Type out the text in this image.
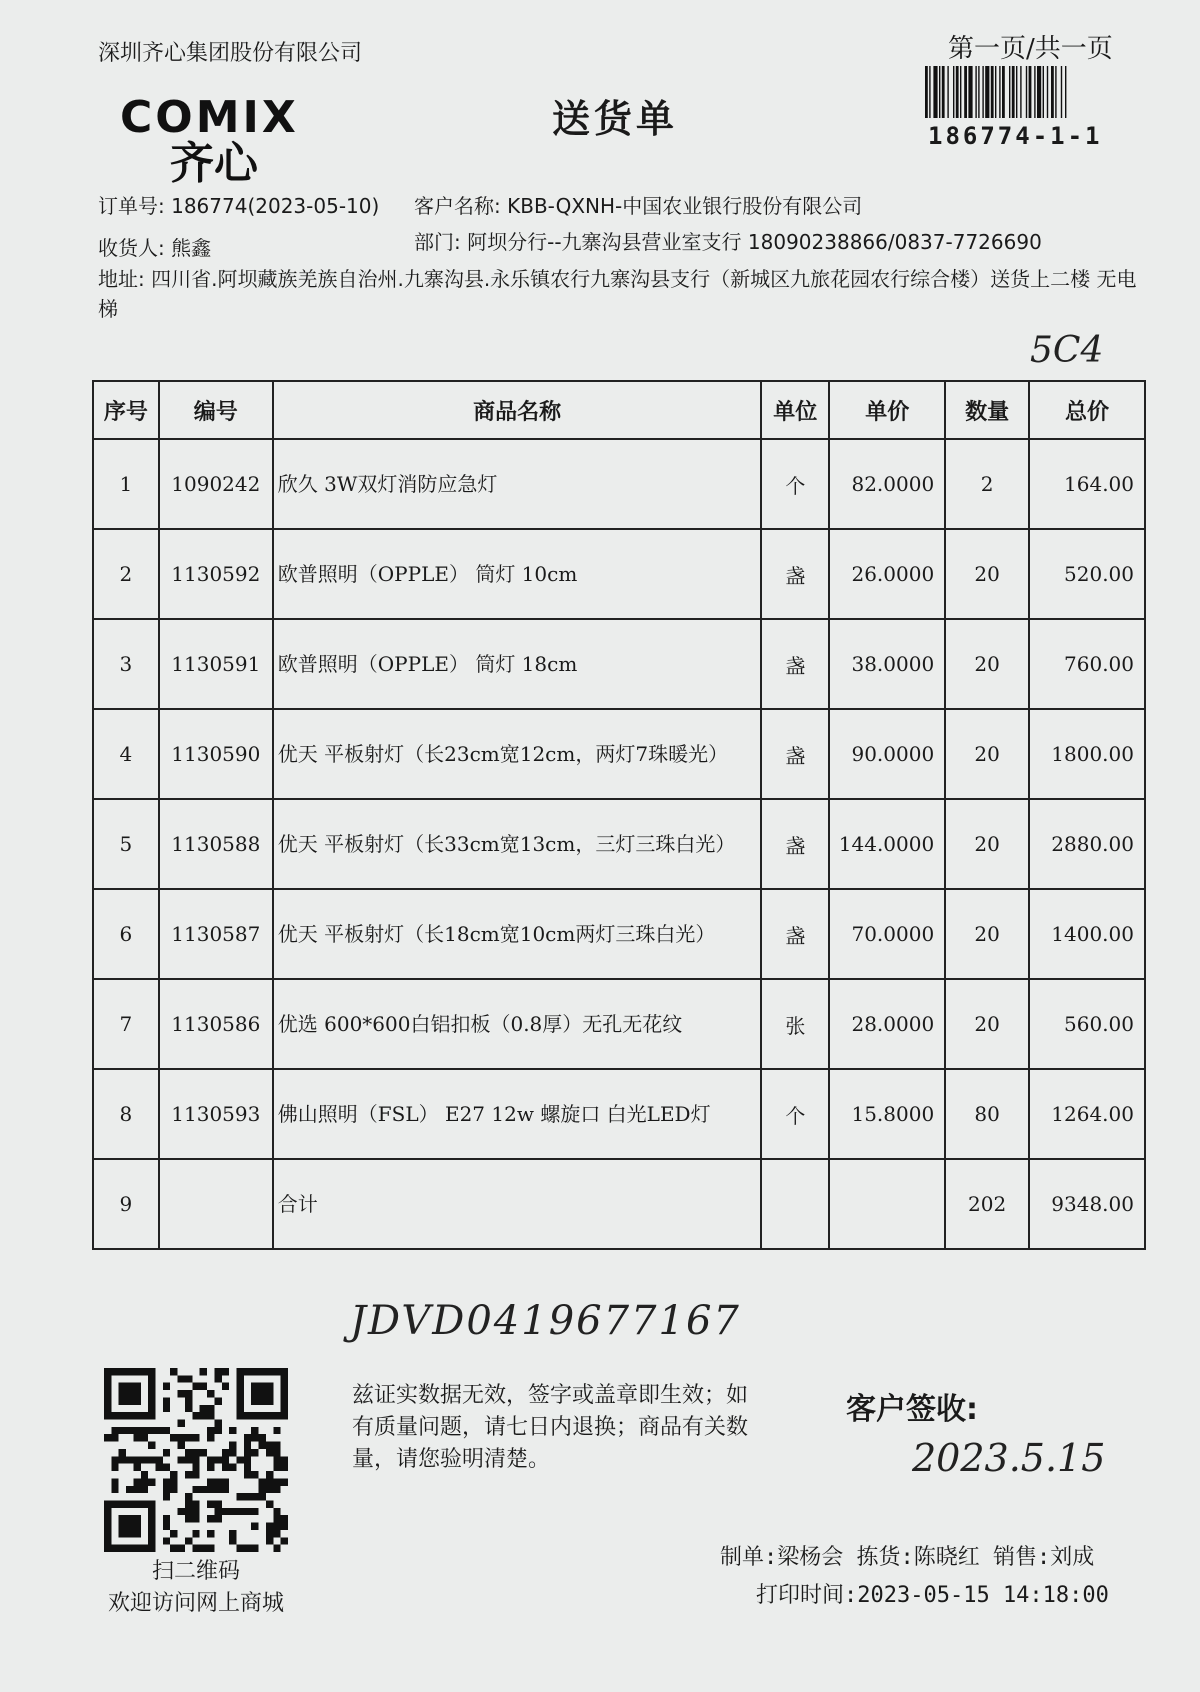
深圳齐心集团股份有限公司	第一页/共一页
186774-1-1
COMIX
齐心
送货单
订单号: 186774(2023-05-10) 客户名称: KBB-QXNH-中国农业银行股份有限公司
收货人: 熊鑫	部门: 阿坝分行--九寨沟县营业室支行 18090238866/0837-7726690
地址: 四川省.阿坝藏族羌族自治州.九寨沟县.永乐镇农行九寨沟县支行（新城区九旅花园农行综合楼）送货上二楼 无电梯
5C4
序号	编号	商品名称	单位	单价	数量	总价
1	1090242	欣久 3W双灯消防应急灯	个	82.0000	2	164.00
2	1130592	欧普照明（OPPLE） 筒灯 10cm	盏	26.0000	20	520.00
3	1130591	欧普照明（OPPLE） 筒灯 18cm	盏	38.0000	20	760.00
4	1130590	优天 平板射灯（长23cm宽12cm，两灯7珠暖光）	盏	90.0000	20	1800.00
5	1130588	优天 平板射灯（长33cm宽13cm，三灯三珠白光）	盏	144.0000	20	2880.00
6	1130587	优天 平板射灯（长18cm宽10cm两灯三珠白光）	盏	70.0000	20	1400.00
7	1130586	优选 600*600白铝扣板（0.8厚）无孔无花纹	张	28.0000	20	560.00
8	1130593	佛山照明（FSL） E27 12w 螺旋口 白光LED灯	个	15.8000	80	1264.00
9		合计			202	9348.00
JDVD0419677167
扫二维码
欢迎访问网上商城
兹证实数据无效，签字或盖章即生效；如有质量问题，请七日内退换；商品有关数量，请您验明清楚。
客户签收:
2023.5.15
制单:梁杨会 拣货:陈晓红 销售:刘成
打印时间:2023-05-15 14:18:00
